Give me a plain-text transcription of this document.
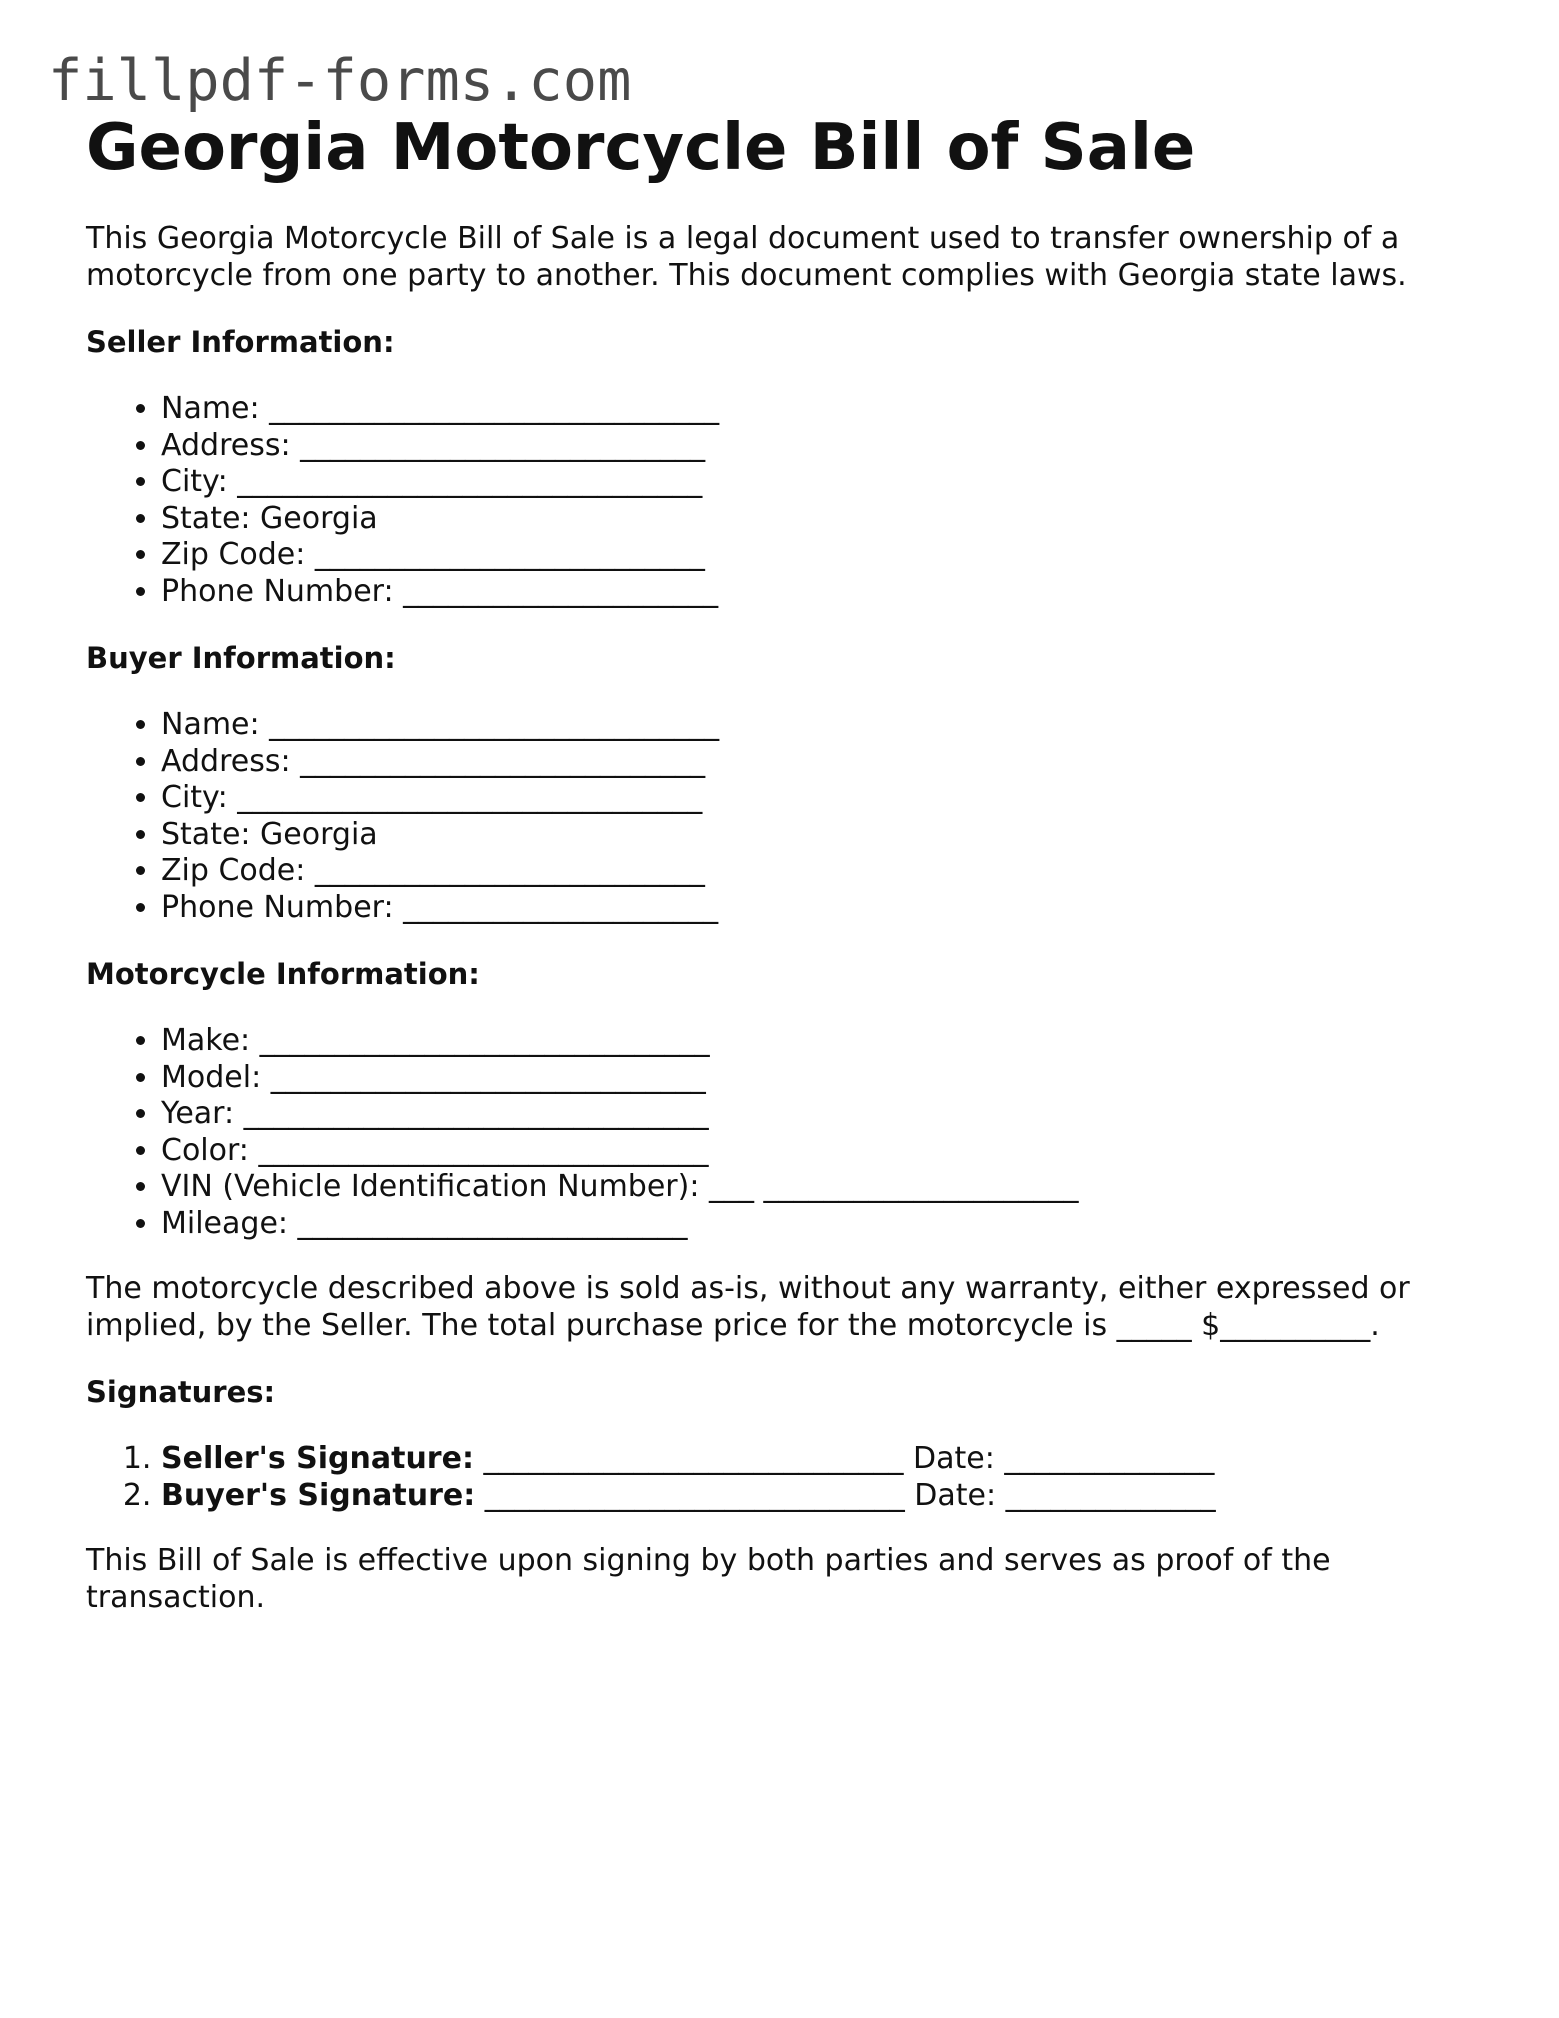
fillpdf-forms.com
Georgia Motorcycle Bill of Sale

This Georgia Motorcycle Bill of Sale is a legal document used to transfer ownership of a motorcycle from one party to another. This document complies with Georgia state laws.

Seller Information:
• Name: ______________________________
• Address: ___________________________
• City: _______________________________
• State: Georgia
• Zip Code: __________________________
• Phone Number: _____________________
Buyer Information:
• Name: ______________________________
• Address: ___________________________
• City: _______________________________
• State: Georgia
• Zip Code: __________________________
• Phone Number: _____________________
Motorcycle Information:
• Make: ______________________________
• Model: _____________________________
• Year: _______________________________
• Color: ______________________________
• VIN (Vehicle Identification Number): ___ _____________________
• Mileage: __________________________

The motorcycle described above is sold as-is, without any warranty, either expressed or implied, by the Seller. The total purchase price for the motorcycle is _____ $__________.

Signatures:
1. Seller's Signature: ____________________________ Date: ______________
2. Buyer's Signature: ____________________________ Date: ______________

This Bill of Sale is effective upon signing by both parties and serves as proof of the transaction.
